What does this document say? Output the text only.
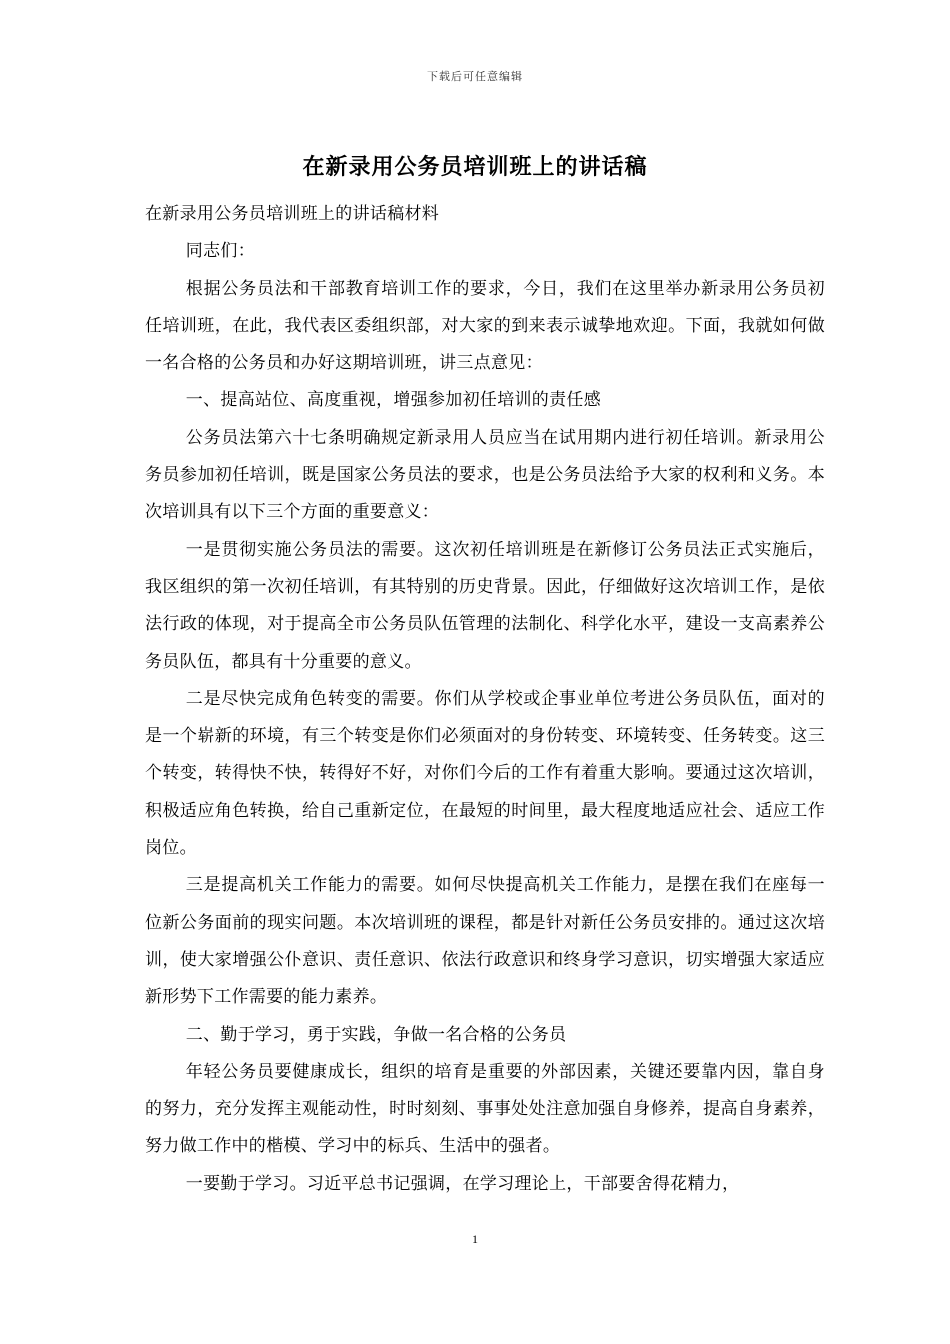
下载后可任意编辑
在新录用公务员培训班上的讲话稿

在新录用公务员培训班上的讲话稿材料

同志们：

根据公务员法和干部教育培训工作的要求，今日，我们在这里举办新录用公务员初任培训班，在此，我代表区委组织部，对大家的到来表示诚挚地欢迎。下面，我就如何做一名合格的公务员和办好这期培训班，讲三点意见：

一、提高站位、高度重视，增强参加初任培训的责任感

公务员法第六十七条明确规定新录用人员应当在试用期内进行初任培训。新录用公务员参加初任培训，既是国家公务员法的要求，也是公务员法给予大家的权利和义务。本次培训具有以下三个方面的重要意义：

一是贯彻实施公务员法的需要。这次初任培训班是在新修订公务员法正式实施后，我区组织的第一次初任培训，有其特别的历史背景。因此，仔细做好这次培训工作，是依法行政的体现，对于提高全市公务员队伍管理的法制化、科学化水平，建设一支高素养公务员队伍，都具有十分重要的意义。

二是尽快完成角色转变的需要。你们从学校或企事业单位考进公务员队伍，面对的是一个崭新的环境，有三个转变是你们必须面对的身份转变、环境转变、任务转变。这三个转变，转得快不快，转得好不好，对你们今后的工作有着重大影响。要通过这次培训，积极适应角色转换，给自己重新定位，在最短的时间里，最大程度地适应社会、适应工作岗位。

三是提高机关工作能力的需要。如何尽快提高机关工作能力，是摆在我们在座每一位新公务面前的现实问题。本次培训班的课程，都是针对新任公务员安排的。通过这次培训，使大家增强公仆意识、责任意识、依法行政意识和终身学习意识，切实增强大家适应新形势下工作需要的能力素养。

二、勤于学习，勇于实践，争做一名合格的公务员

年轻公务员要健康成长，组织的培育是重要的外部因素，关键还要靠内因，靠自身的努力，充分发挥主观能动性，时时刻刻、事事处处注意加强自身修养，提高自身素养，努力做工作中的楷模、学习中的标兵、生活中的强者。

一要勤于学习。习近平总书记强调，在学习理论上，干部要舍得花精力，

1
